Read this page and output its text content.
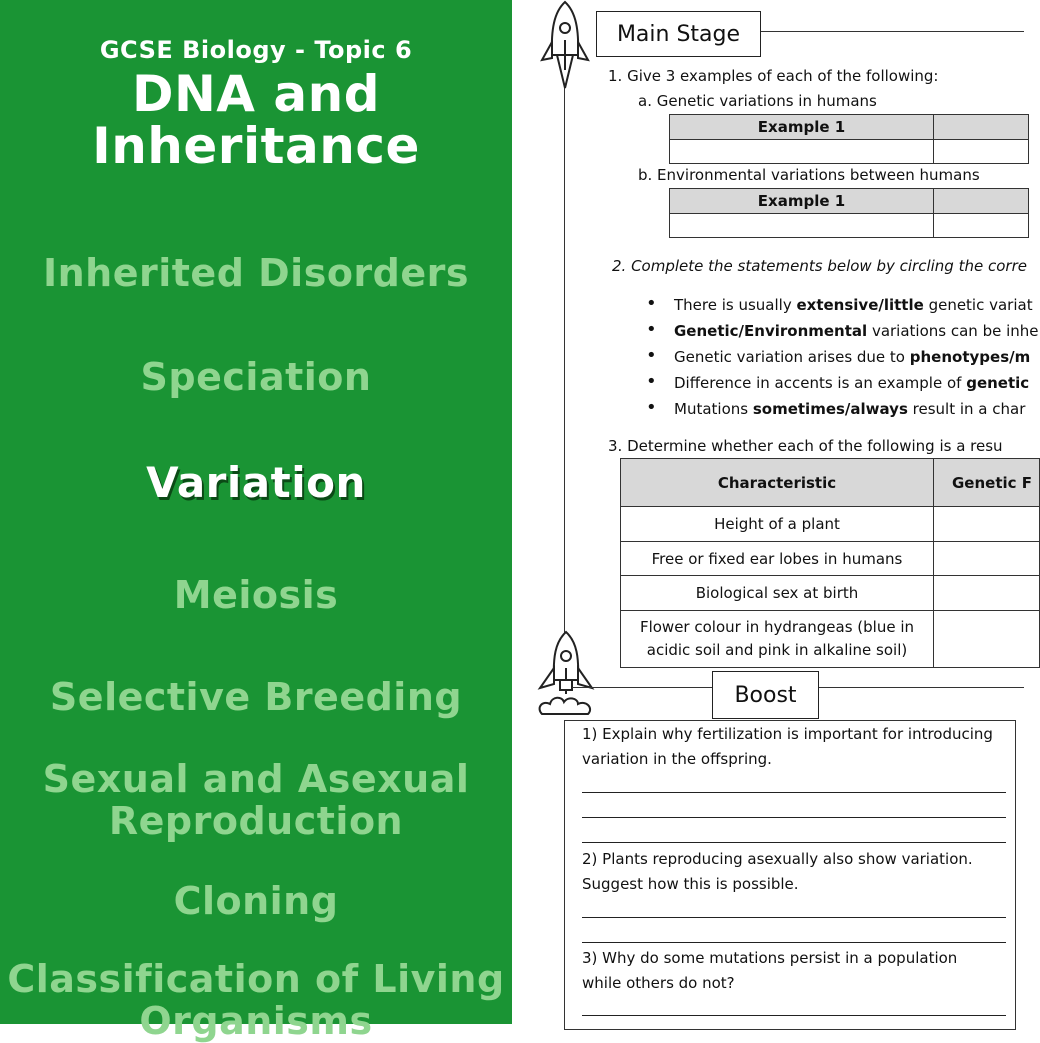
GCSE Biology - Topic 6
DNA and
Inheritance
Inherited Disorders
Speciation
Variation
Meiosis
Selective Breeding
Sexual and Asexual
Reproduction
Cloning
Classification of Living
Organisms
Main Stage
1. Give 3 examples of each of the following:
a. Genetic variations in humans
Example 1	

b. Environmental variations between humans
Example 1	

2. Complete the statements below by circling the corre
• There is usually extensive/little genetic variat
• Genetic/Environmental variations can be inhe
• Genetic variation arises due to phenotypes/m
• Difference in accents is an example of genetic
• Mutations sometimes/always result in a char
3. Determine whether each of the following is a resu
Characteristic	Genetic F
Height of a plant	
Free or fixed ear lobes in humans	
Biological sex at birth	
Flower colour in hydrangeas (blue in
acidic soil and pink in alkaline soil)	
Boost
1) Explain why fertilization is important for introducing
variation in the offspring.
2) Plants reproducing asexually also show variation.
Suggest how this is possible.
3) Why do some mutations persist in a population
while others do not?
